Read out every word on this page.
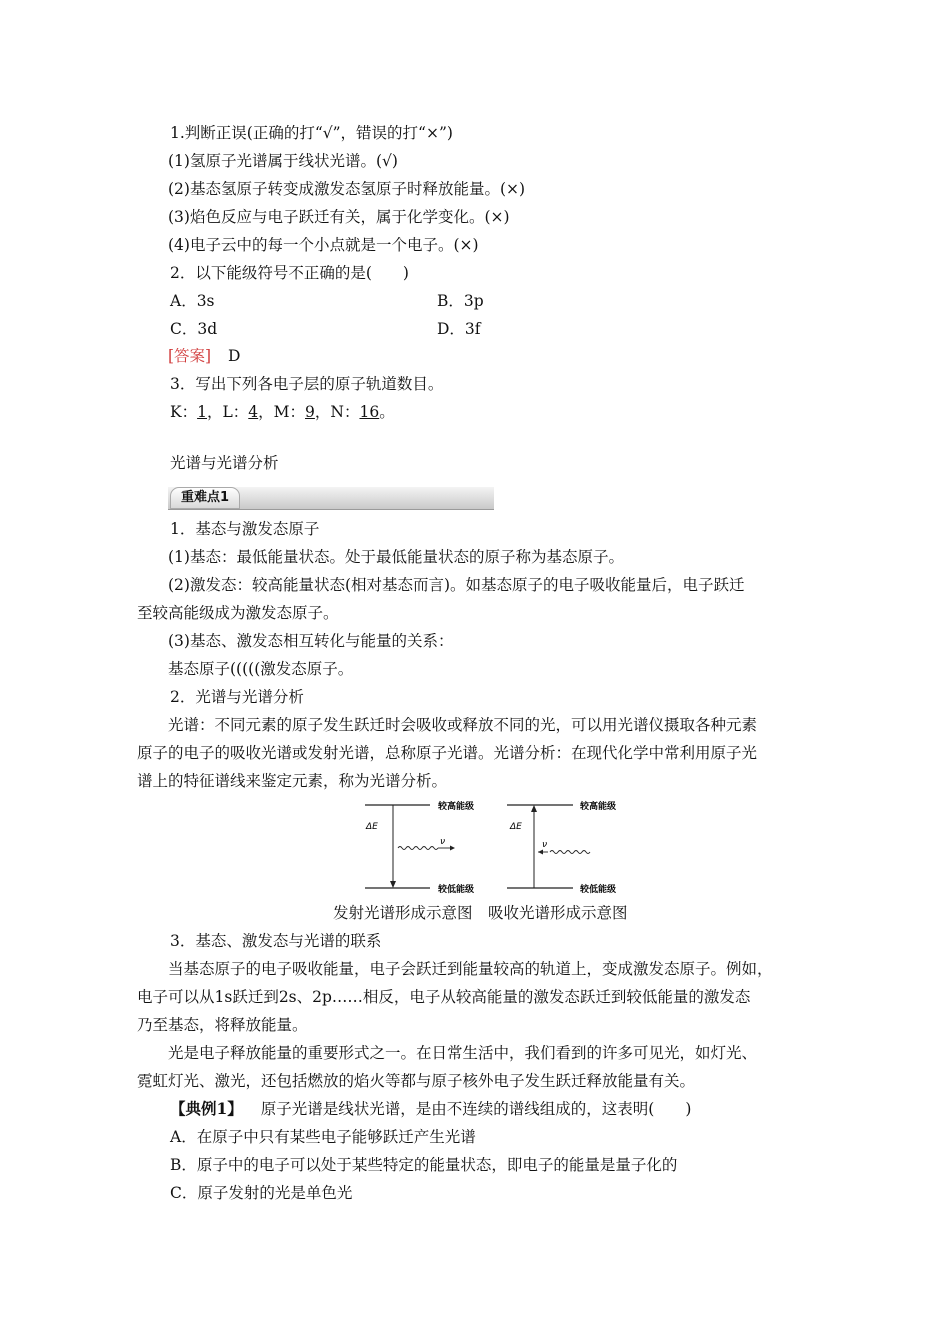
1.判断正误(正确的打“√”，错误的打“×”)
(1)氢原子光谱属于线状光谱。(√)
(2)基态氢原子转变成激发态氢原子时释放能量。(×)
(3)焰色反应与电子跃迁有关，属于化学变化。(×)
(4)电子云中的每一个小点就是一个电子。(×)
2．以下能级符号不正确的是(　　)
A．3s	B．3p
C．3d	D．3f
[答案] D
3．写出下列各电子层的原子轨道数目。
K：1，L：4，M：9，N：16。
光谱与光谱分析
重难点1
1．基态与激发态原子
(1)基态：最低能量状态。处于最低能量状态的原子称为基态原子。
(2)激发态：较高能量状态(相对基态而言)。如基态原子的电子吸收能量后，电子跃迁
至较高能级成为激发态原子。
(3)基态、激发态相互转化与能量的关系：
基态原子(((((激发态原子。
2．光谱与光谱分析
光谱：不同元素的原子发生跃迁时会吸收或释放不同的光，可以用光谱仪摄取各种元素
原子的电子的吸收光谱或发射光谱，总称原子光谱。光谱分析：在现代化学中常利用原子光
谱上的特征谱线来鉴定元素，称为光谱分析。
ΔE
ν
较高能级
较低能级
ΔE
ν
较高能级
较低能级
发射光谱形成示意图　吸收光谱形成示意图
3．基态、激发态与光谱的联系
当基态原子的电子吸收能量，电子会跃迁到能量较高的轨道上，变成激发态原子。例如，
电子可以从1s跃迁到2s、2p……相反，电子从较高能量的激发态跃迁到较低能量的激发态
乃至基态，将释放能量。
光是电子释放能量的重要形式之一。在日常生活中，我们看到的许多可见光，如灯光、
霓虹灯光、激光，还包括燃放的焰火等都与原子核外电子发生跃迁释放能量有关。
【典例1】 原子光谱是线状光谱，是由不连续的谱线组成的，这表明(　　)
A．在原子中只有某些电子能够跃迁产生光谱
B．原子中的电子可以处于某些特定的能量状态，即电子的能量是量子化的
C．原子发射的光是单色光
